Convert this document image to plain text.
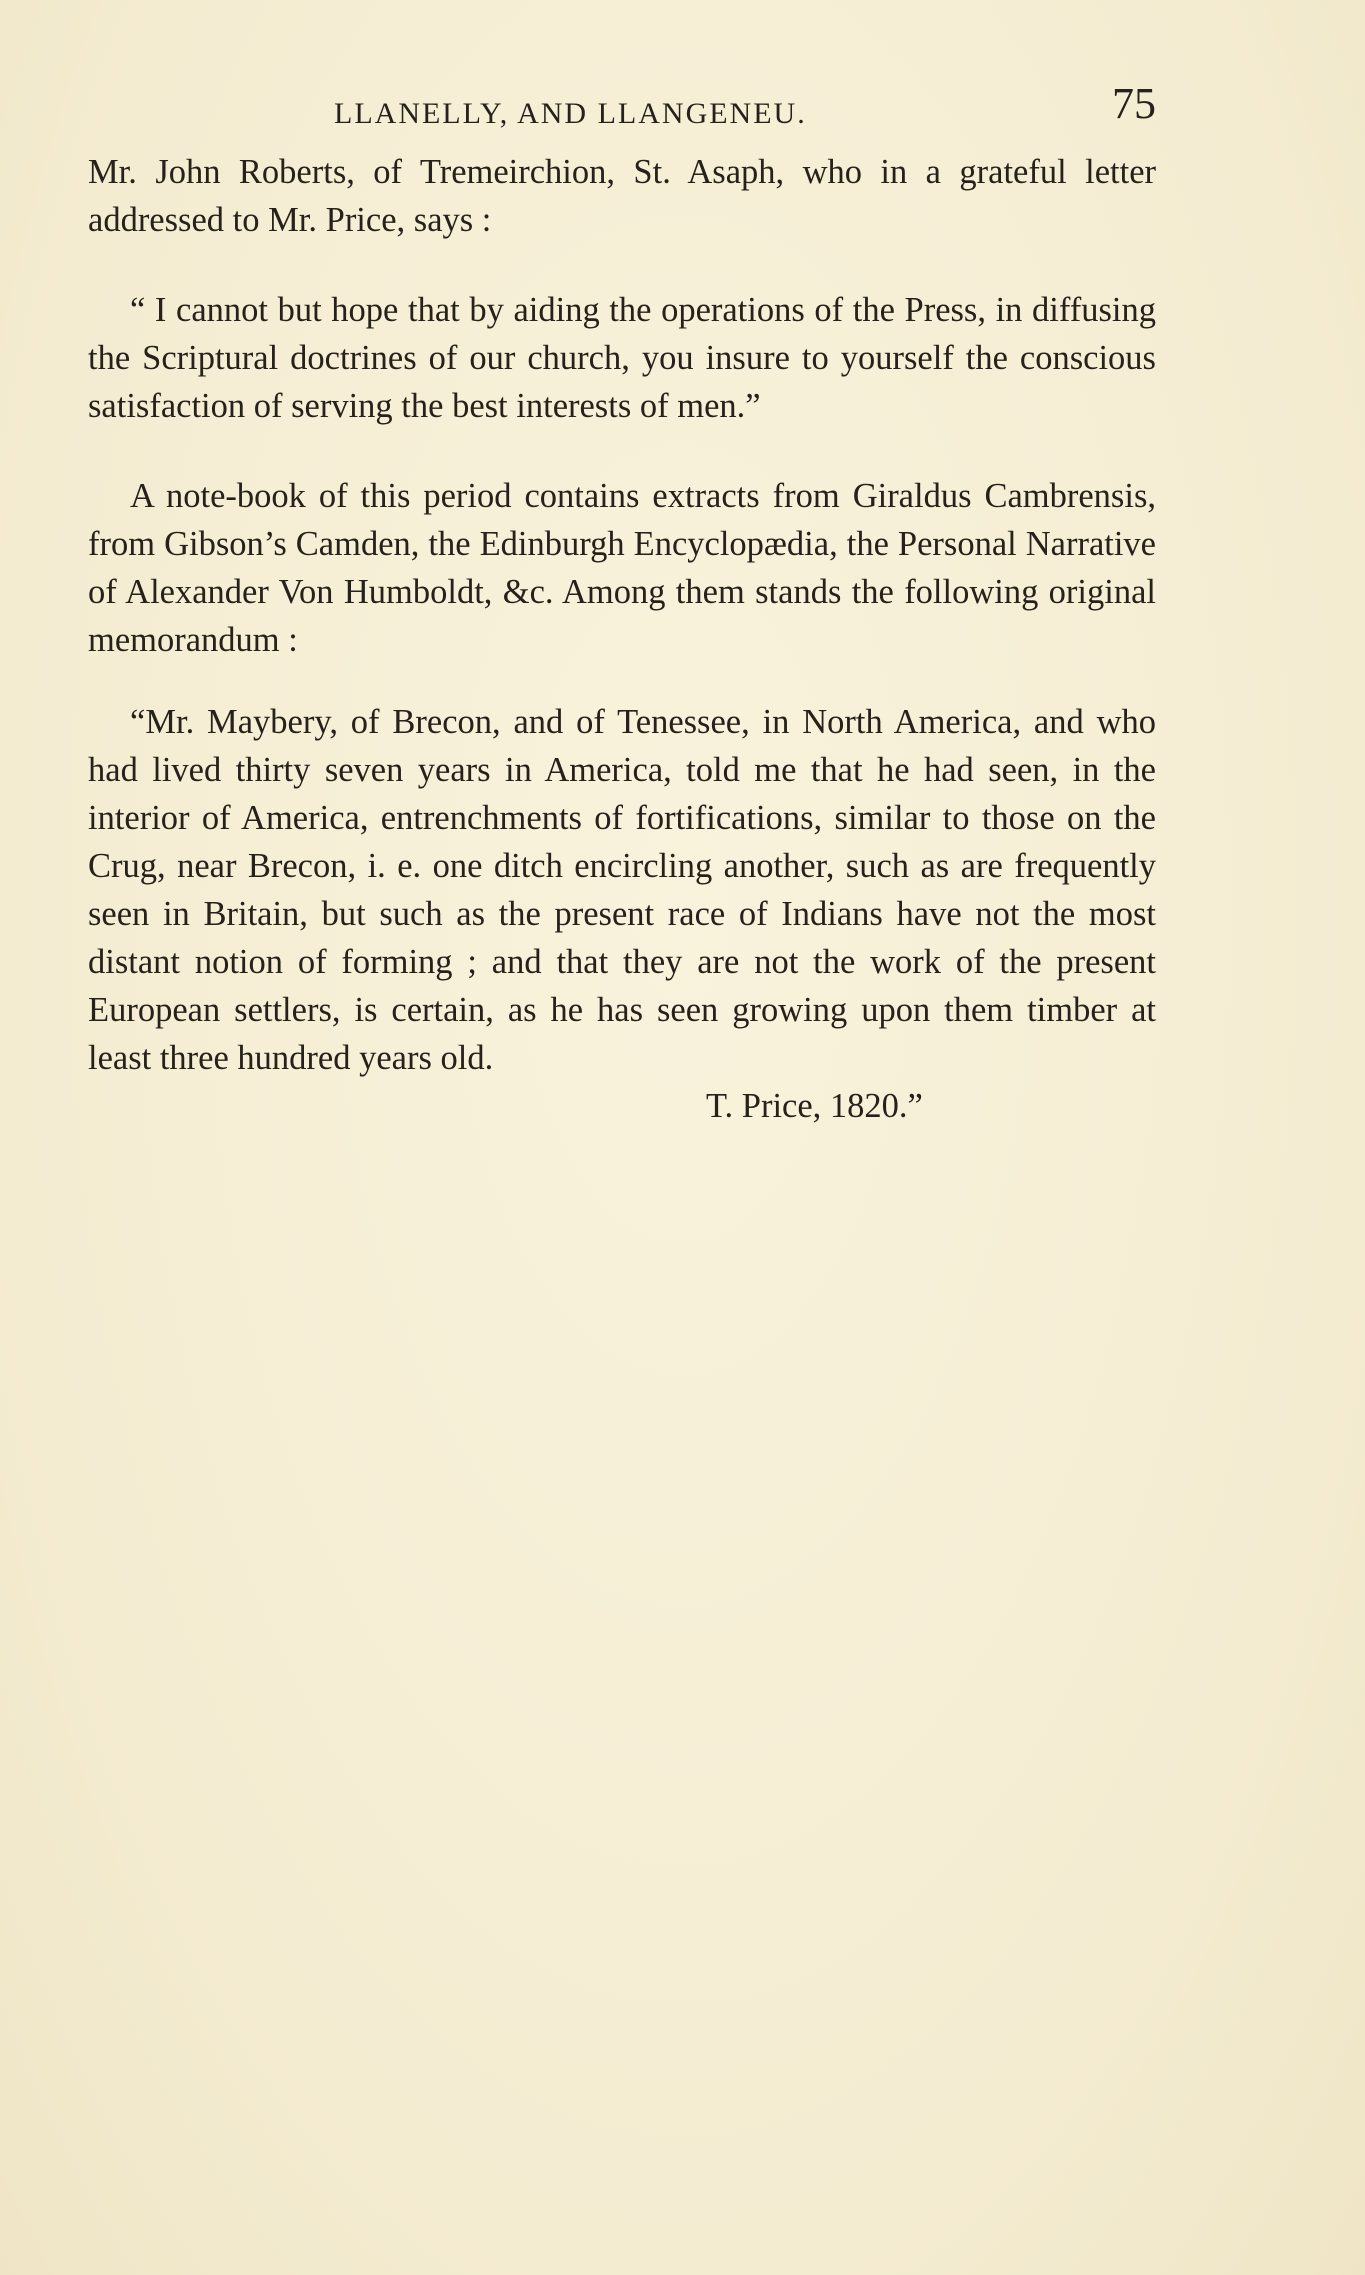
LLANELLY, AND LLANGENEU.	75

Mr. John Roberts, of Tremeirchion, St. Asaph, who in a grateful letter addressed to Mr. Price, says :

“ I cannot but hope that by aiding the operations of the Press, in diffusing the Scriptural doctrines of our church, you insure to yourself the conscious satisfaction of serving the best interests of men.”

A note-book of this period contains extracts from Giraldus Cambrensis, from Gibson’s Camden, the Edinburgh Encyclopædia, the Personal Narrative of Alexander Von Humboldt, &c. Among them stands the following original memorandum :

“Mr. Maybery, of Brecon, and of Tenessee, in North America, and who had lived thirty seven years in America, told me that he had seen, in the interior of America, entrenchments of fortifications, similar to those on the Crug, near Brecon, i. e. one ditch encircling another, such as are frequently seen in Britain, but such as the present race of Indians have not the most distant notion of forming ; and that they are not the work of the present European settlers, is certain, as he has seen growing upon them timber at least three hundred years old.

T. Price, 1820.”
